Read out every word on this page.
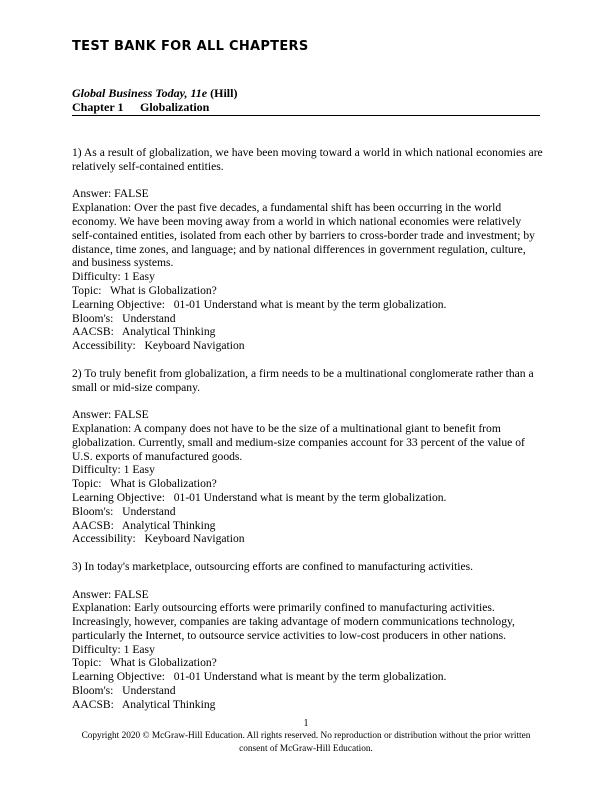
TEST BANK FOR ALL CHAPTERS
Global Business Today, 11e (Hill)
Chapter 1 Globalization
1) As a result of globalization, we have been moving toward a world in which national economies are relatively self-contained entities.
Answer: FALSE
Explanation: Over the past five decades, a fundamental shift has been occurring in the world economy. We have been moving away from a world in which national economies were relatively self-contained entities, isolated from each other by barriers to cross-border trade and investment; by distance, time zones, and language; and by national differences in government regulation, culture, and business systems.
Difficulty: 1 Easy
Topic:   What is Globalization?
Learning Objective:   01-01 Understand what is meant by the term globalization.
Bloom's:   Understand
AACSB:   Analytical Thinking
Accessibility:   Keyboard Navigation
2) To truly benefit from globalization, a firm needs to be a multinational conglomerate rather than a small or mid-size company.
Answer: FALSE
Explanation: A company does not have to be the size of a multinational giant to benefit from globalization. Currently, small and medium-size companies account for 33 percent of the value of U.S. exports of manufactured goods.
Difficulty: 1 Easy
Topic:   What is Globalization?
Learning Objective:   01-01 Understand what is meant by the term globalization.
Bloom's:   Understand
AACSB:   Analytical Thinking
Accessibility:   Keyboard Navigation
3) In today's marketplace, outsourcing efforts are confined to manufacturing activities.
Answer: FALSE
Explanation: Early outsourcing efforts were primarily confined to manufacturing activities. Increasingly, however, companies are taking advantage of modern communications technology, particularly the Internet, to outsource service activities to low-cost producers in other nations.
Difficulty: 1 Easy
Topic:   What is Globalization?
Learning Objective:   01-01 Understand what is meant by the term globalization.
Bloom's:   Understand
AACSB:   Analytical Thinking
1
Copyright 2020 © McGraw-Hill Education. All rights reserved. No reproduction or distribution without the prior written consent of McGraw-Hill Education.
